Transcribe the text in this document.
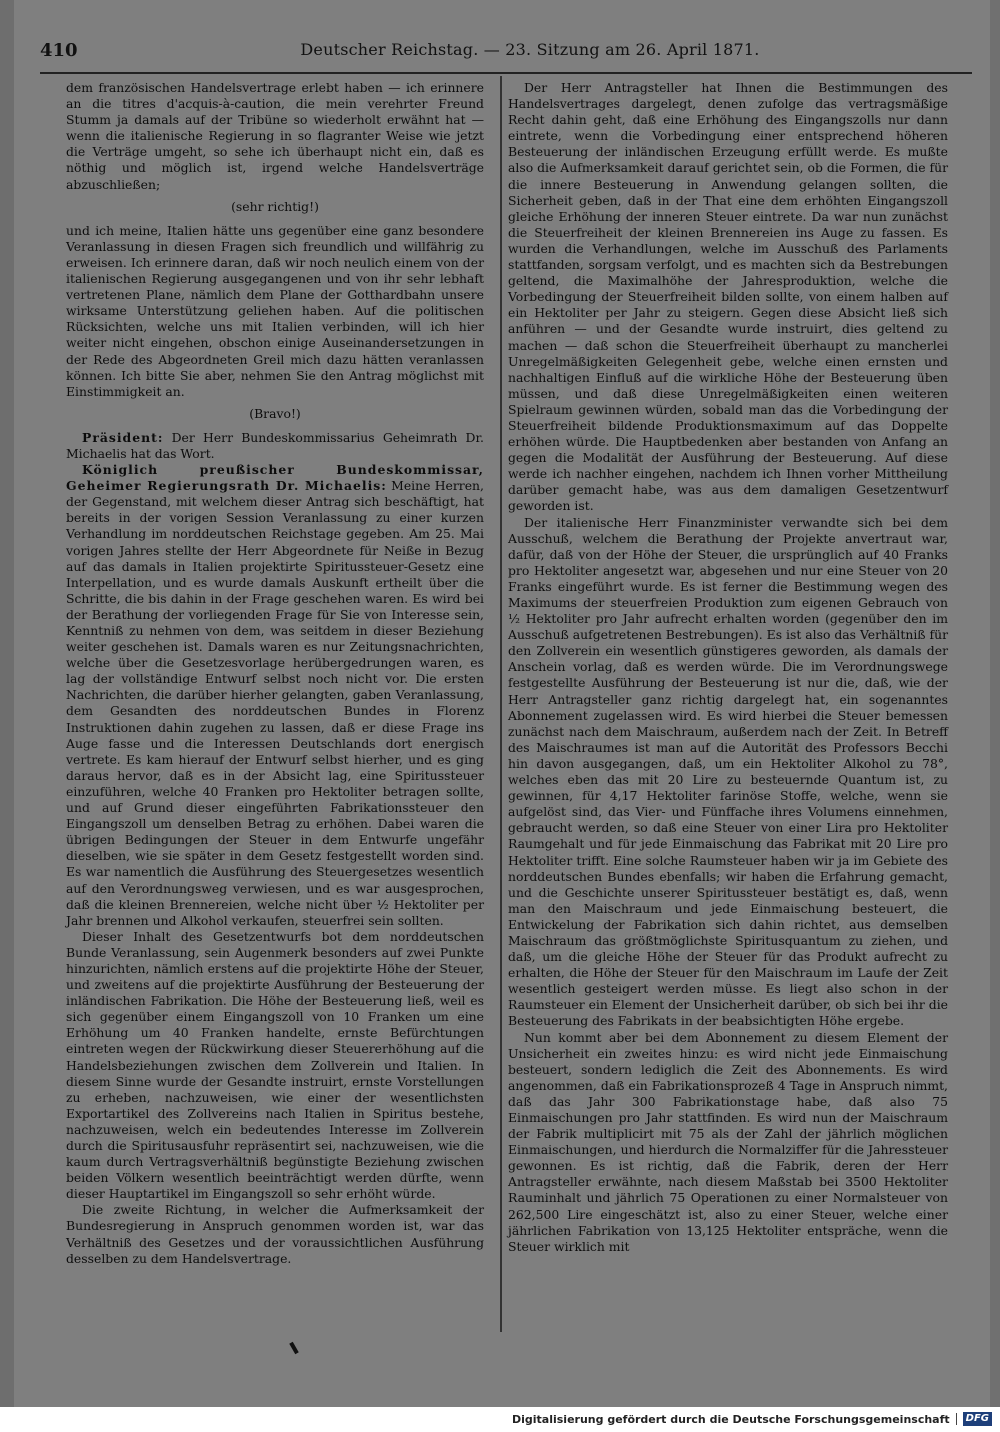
410	Deutscher Reichstag. — 23. Sitzung am 26. April 1871.

dem französischen Handelsvertrage erlebt haben — ich erinnere an die titres d'acquis-à-caution, die mein verehrter Freund Stumm ja damals auf der Tribüne so wiederholt erwähnt hat — wenn die italienische Regierung in so flagranter Weise wie jetzt die Verträge umgeht, so sehe ich überhaupt nicht ein, daß es nöthig und möglich ist, irgend welche Handelsverträge abzuschließen;

(sehr richtig!)

und ich meine, Italien hätte uns gegenüber eine ganz besondere Veranlassung in diesen Fragen sich freundlich und willfährig zu erweisen. Ich erinnere daran, daß wir noch neulich einem von der italienischen Regierung ausgegangenen und von ihr sehr lebhaft vertretenen Plane, nämlich dem Plane der Gotthardbahn unsere wirksame Unterstützung geliehen haben. Auf die politischen Rücksichten, welche uns mit Italien verbinden, will ich hier weiter nicht eingehen, obschon einige Auseinandersetzungen in der Rede des Abgeordneten Greil mich dazu hätten veranlassen können. Ich bitte Sie aber, nehmen Sie den Antrag möglichst mit Einstimmigkeit an.

(Bravo!)

Präsident: Der Herr Bundeskommissarius Geheimrath Dr. Michaelis hat das Wort.

Königlich preußischer Bundeskommissar, Geheimer Regierungsrath Dr. Michaelis: Meine Herren, der Gegenstand, mit welchem dieser Antrag sich beschäftigt, hat bereits in der vorigen Session Veranlassung zu einer kurzen Verhandlung im norddeutschen Reichstage gegeben. Am 25. Mai vorigen Jahres stellte der Herr Abgeordnete für Neiße in Bezug auf das damals in Italien projektirte Spiritussteuer-Gesetz eine Interpellation, und es wurde damals Auskunft ertheilt über die Schritte, die bis dahin in der Frage geschehen waren. Es wird bei der Berathung der vorliegenden Frage für Sie von Interesse sein, Kenntniß zu nehmen von dem, was seitdem in dieser Beziehung weiter geschehen ist. Damals waren es nur Zeitungsnachrichten, welche über die Gesetzesvorlage herübergedrungen waren, es lag der vollständige Entwurf selbst noch nicht vor. Die ersten Nachrichten, die darüber hierher gelangten, gaben Veranlassung, dem Gesandten des norddeutschen Bundes in Florenz Instruktionen dahin zugehen zu lassen, daß er diese Frage ins Auge fasse und die Interessen Deutschlands dort energisch vertrete. Es kam hierauf der Entwurf selbst hierher, und es ging daraus hervor, daß es in der Absicht lag, eine Spiritussteuer einzuführen, welche 40 Franken pro Hektoliter betragen sollte, und auf Grund dieser eingeführten Fabrikationssteuer den Eingangszoll um denselben Betrag zu erhöhen. Dabei waren die übrigen Bedingungen der Steuer in dem Entwurfe ungefähr dieselben, wie sie später in dem Gesetz festgestellt worden sind. Es war namentlich die Ausführung des Steuergesetzes wesentlich auf den Verordnungsweg verwiesen, und es war ausgesprochen, daß die kleinen Brennereien, welche nicht über ½ Hektoliter per Jahr brennen und Alkohol verkaufen, steuerfrei sein sollten.

Dieser Inhalt des Gesetzentwurfs bot dem norddeutschen Bunde Veranlassung, sein Augenmerk besonders auf zwei Punkte hinzurichten, nämlich erstens auf die projektirte Höhe der Steuer, und zweitens auf die projektirte Ausführung der Besteuerung der inländischen Fabrikation. Die Höhe der Besteuerung ließ, weil es sich gegenüber einem Eingangszoll von 10 Franken um eine Erhöhung um 40 Franken handelte, ernste Befürchtungen eintreten wegen der Rückwirkung dieser Steuererhöhung auf die Handelsbeziehungen zwischen dem Zollverein und Italien. In diesem Sinne wurde der Gesandte instruirt, ernste Vorstellungen zu erheben, nachzuweisen, wie einer der wesentlichsten Exportartikel des Zollvereins nach Italien in Spiritus bestehe, nachzuweisen, welch ein bedeutendes Interesse im Zollverein durch die Spiritusausfuhr repräsentirt sei, nachzuweisen, wie die kaum durch Vertragsverhältniß begünstigte Beziehung zwischen beiden Völkern wesentlich beeinträchtigt werden dürfte, wenn dieser Hauptartikel im Eingangszoll so sehr erhöht würde.

Die zweite Richtung, in welcher die Aufmerksamkeit der Bundesregierung in Anspruch genommen worden ist, war das Verhältniß des Gesetzes und der voraussichtlichen Ausführung desselben zu dem Handelsvertrage.

Der Herr Antragsteller hat Ihnen die Bestimmungen des Handelsvertrages dargelegt, denen zufolge das vertragsmäßige Recht dahin geht, daß eine Erhöhung des Eingangszolls nur dann eintrete, wenn die Vorbedingung einer entsprechend höheren Besteuerung der inländischen Erzeugung erfüllt werde. Es mußte also die Aufmerksamkeit darauf gerichtet sein, ob die Formen, die für die innere Besteuerung in Anwendung gelangen sollten, die Sicherheit geben, daß in der That eine dem erhöhten Eingangszoll gleiche Erhöhung der inneren Steuer eintrete. Da war nun zunächst die Steuerfreiheit der kleinen Brennereien ins Auge zu fassen. Es wurden die Verhandlungen, welche im Ausschuß des Parlaments stattfanden, sorgsam verfolgt, und es machten sich da Bestrebungen geltend, die Maximalhöhe der Jahresproduktion, welche die Vorbedingung der Steuerfreiheit bilden sollte, von einem halben auf ein Hektoliter per Jahr zu steigern. Gegen diese Absicht ließ sich anführen — und der Gesandte wurde instruirt, dies geltend zu machen — daß schon die Steuerfreiheit überhaupt zu mancherlei Unregelmäßigkeiten Gelegenheit gebe, welche einen ernsten und nachhaltigen Einfluß auf die wirkliche Höhe der Besteuerung üben müssen, und daß diese Unregelmäßigkeiten einen weiteren Spielraum gewinnen würden, sobald man das die Vorbedingung der Steuerfreiheit bildende Produktionsmaximum auf das Doppelte erhöhen würde. Die Hauptbedenken aber bestanden von Anfang an gegen die Modalität der Ausführung der Besteuerung. Auf diese werde ich nachher eingehen, nachdem ich Ihnen vorher Mittheilung darüber gemacht habe, was aus dem damaligen Gesetzentwurf geworden ist.

Der italienische Herr Finanzminister verwandte sich bei dem Ausschuß, welchem die Berathung der Projekte anvertraut war, dafür, daß von der Höhe der Steuer, die ursprünglich auf 40 Franks pro Hektoliter angesetzt war, abgesehen und nur eine Steuer von 20 Franks eingeführt wurde. Es ist ferner die Bestimmung wegen des Maximums der steuerfreien Produktion zum eigenen Gebrauch von ½ Hektoliter pro Jahr aufrecht erhalten worden (gegenüber den im Ausschuß aufgetretenen Bestrebungen). Es ist also das Verhältniß für den Zollverein ein wesentlich günstigeres geworden, als damals der Anschein vorlag, daß es werden würde. Die im Verordnungswege festgestellte Ausführung der Besteuerung ist nur die, daß, wie der Herr Antragsteller ganz richtig dargelegt hat, ein sogenanntes Abonnement zugelassen wird. Es wird hierbei die Steuer bemessen zunächst nach dem Maischraum, außerdem nach der Zeit. In Betreff des Maischraumes ist man auf die Autorität des Professors Becchi hin davon ausgegangen, daß, um ein Hektoliter Alkohol zu 78°, welches eben das mit 20 Lire zu besteuernde Quantum ist, zu gewinnen, für 4,17 Hektoliter farinöse Stoffe, welche, wenn sie aufgelöst sind, das Vier- und Fünffache ihres Volumens einnehmen, gebraucht werden, so daß eine Steuer von einer Lira pro Hektoliter Raumgehalt und für jede Einmaischung das Fabrikat mit 20 Lire pro Hektoliter trifft. Eine solche Raumsteuer haben wir ja im Gebiete des norddeutschen Bundes ebenfalls; wir haben die Erfahrung gemacht, und die Geschichte unserer Spiritussteuer bestätigt es, daß, wenn man den Maischraum und jede Einmaischung besteuert, die Entwickelung der Fabrikation sich dahin richtet, aus demselben Maischraum das größtmöglichste Spiritusquantum zu ziehen, und daß, um die gleiche Höhe der Steuer für das Produkt aufrecht zu erhalten, die Höhe der Steuer für den Maischraum im Laufe der Zeit wesentlich gesteigert werden müsse. Es liegt also schon in der Raumsteuer ein Element der Unsicherheit darüber, ob sich bei ihr die Besteuerung des Fabrikats in der beabsichtigten Höhe ergebe.

Nun kommt aber bei dem Abonnement zu diesem Element der Unsicherheit ein zweites hinzu: es wird nicht jede Einmaischung besteuert, sondern lediglich die Zeit des Abonnements. Es wird angenommen, daß ein Fabrikationsprozeß 4 Tage in Anspruch nimmt, daß das Jahr 300 Fabrikationstage habe, daß also 75 Einmaischungen pro Jahr stattfinden. Es wird nun der Maischraum der Fabrik multiplicirt mit 75 als der Zahl der jährlich möglichen Einmaischungen, und hierdurch die Normalziffer für die Jahressteuer gewonnen. Es ist richtig, daß die Fabrik, deren der Herr Antragsteller erwähnte, nach diesem Maßstab bei 3500 Hektoliter Rauminhalt und jährlich 75 Operationen zu einer Normalsteuer von 262,500 Lire eingeschätzt ist, also zu einer Steuer, welche einer jährlichen Fabrikation von 13,125 Hektoliter entspräche, wenn die Steuer wirklich mit

Digitalisierung gefördert durch die Deutsche Forschungsgemeinschaft	DFG
